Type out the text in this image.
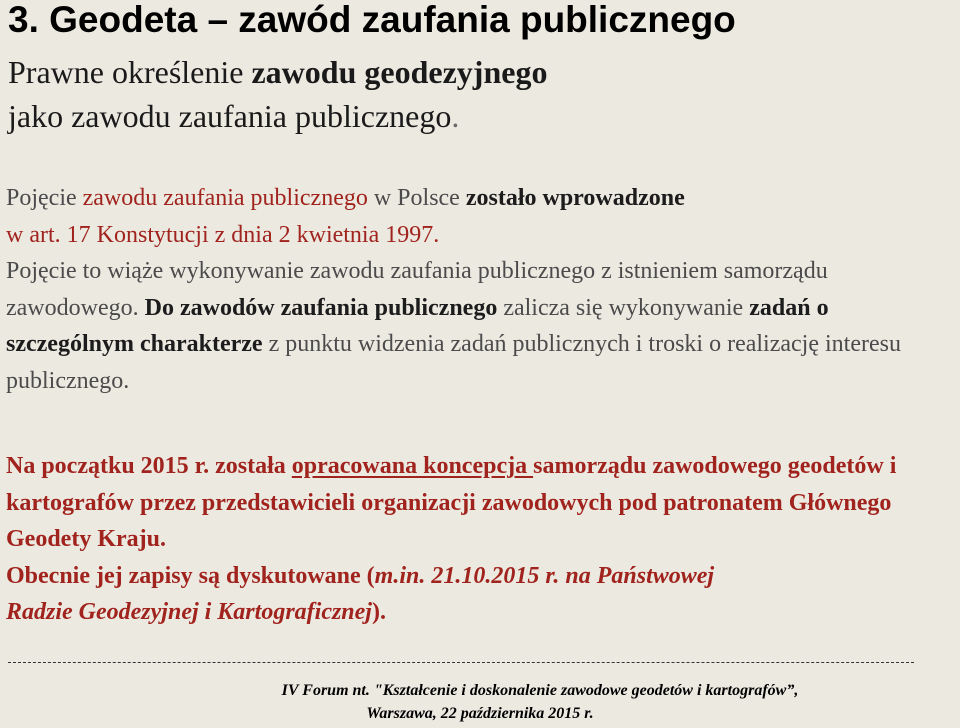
3. Geodeta – zawód zaufania publicznego

Prawne określenie zawodu geodezyjnego
jako zawodu zaufania publicznego.

Pojęcie zawodu zaufania publicznego w Polsce zostało wprowadzone
w art. 17 Konstytucji z dnia 2 kwietnia 1997.
Pojęcie to wiąże wykonywanie zawodu zaufania publicznego z istnieniem samorządu zawodowego. Do zawodów zaufania publicznego zalicza się wykonywanie zadań o szczególnym charakterze z punktu widzenia zadań publicznych i troski o realizację interesu publicznego.

Na początku 2015 r. została opracowana koncepcja samorządu zawodowego geodetów i kartografów przez przedstawicieli organizacji zawodowych pod patronatem Głównego Geodety Kraju.
Obecnie jej zapisy są dyskutowane (m.in. 21.10.2015 r. na Państwowej
Radzie Geodezyjnej i Kartograficznej).

IV Forum nt. "Kształcenie i doskonalenie zawodowe geodetów i kartografów”,
Warszawa, 22 października 2015 r.
